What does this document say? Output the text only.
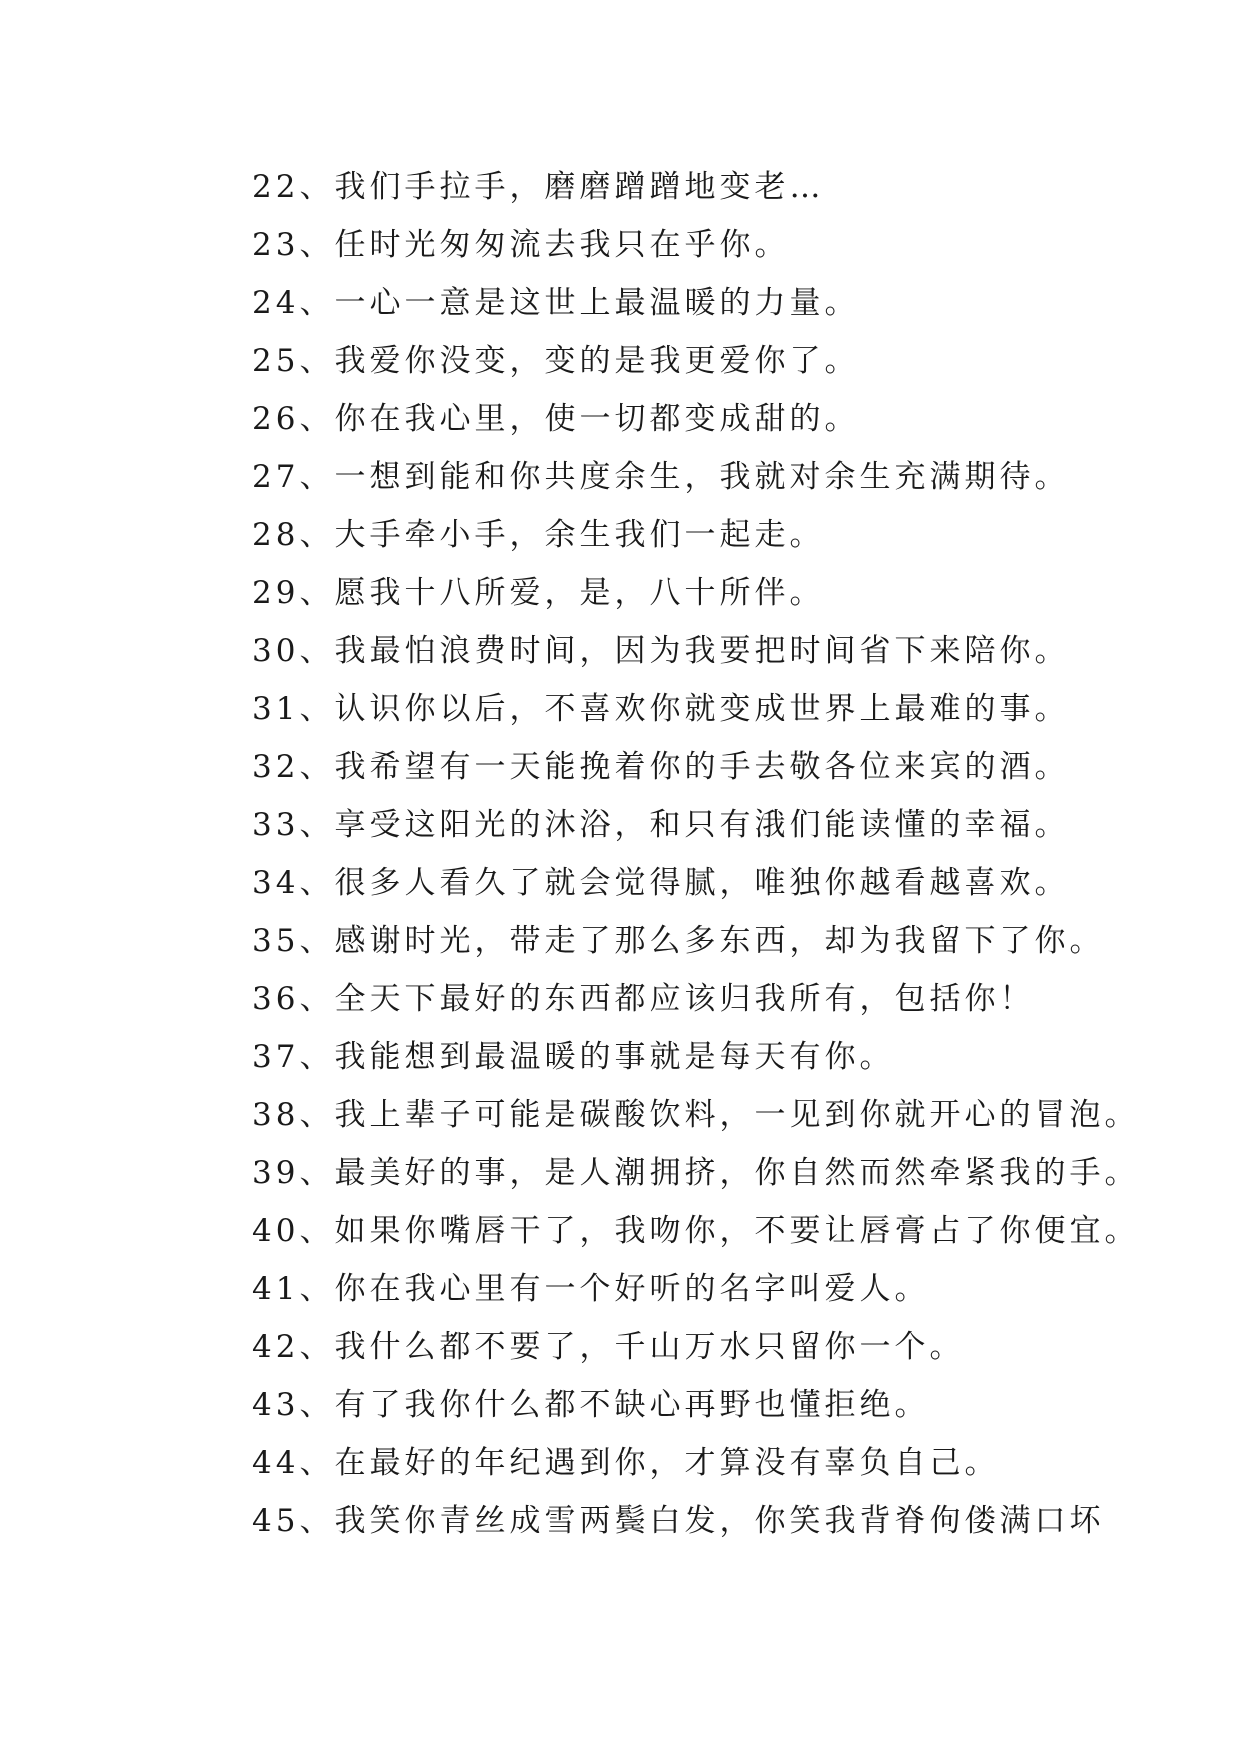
22、我们手拉手，磨磨蹭蹭地变老…
23、任时光匆匆流去我只在乎你。
24、一心一意是这世上最温暖的力量。
25、我爱你没变，变的是我更爱你了。
26、你在我心里，使一切都变成甜的。
27、一想到能和你共度余生，我就对余生充满期待。
28、大手牵小手，余生我们一起走。
29、愿我十八所爱，是，八十所伴。
30、我最怕浪费时间，因为我要把时间省下来陪你。
31、认识你以后，不喜欢你就变成世界上最难的事。
32、我希望有一天能挽着你的手去敬各位来宾的酒。
33、享受这阳光的沐浴，和只有涐们能读懂的幸福。
34、很多人看久了就会觉得腻，唯独你越看越喜欢。
35、感谢时光，带走了那么多东西，却为我留下了你。
36、全天下最好的东西都应该归我所有，包括你！
37、我能想到最温暖的事就是每天有你。
38、我上辈子可能是碳酸饮料，一见到你就开心的冒泡。
39、最美好的事，是人潮拥挤，你自然而然牵紧我的手。
40、如果你嘴唇干了，我吻你，不要让唇膏占了你便宜。
41、你在我心里有一个好听的名字叫爱人。
42、我什么都不要了，千山万水只留你一个。
43、有了我你什么都不缺心再野也懂拒绝。
44、在最好的年纪遇到你，才算没有辜负自己。
45、我笑你青丝成雪两鬓白发，你笑我背脊佝偻满口坏
